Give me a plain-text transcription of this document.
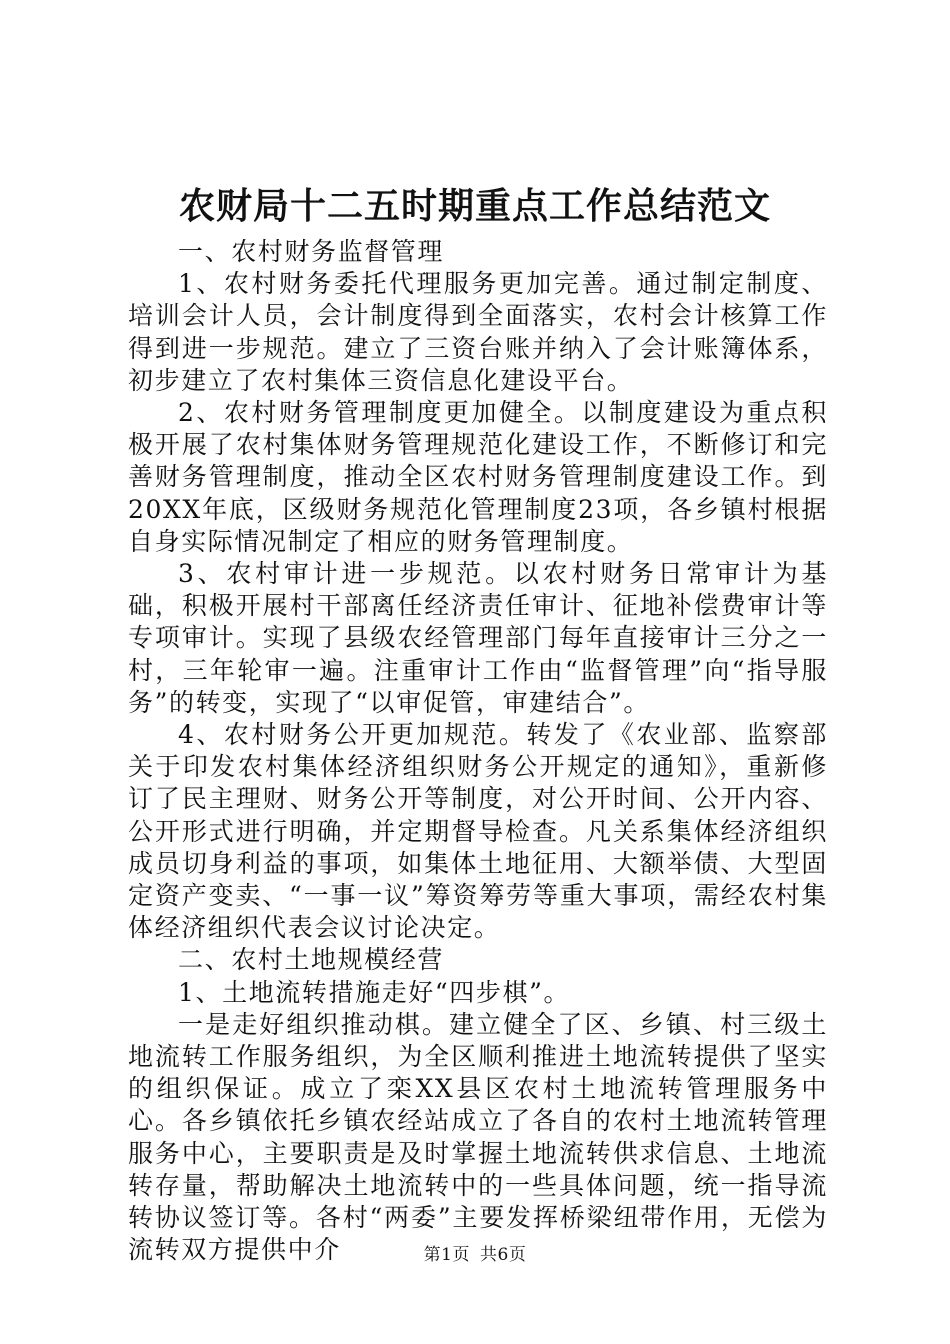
农财局十二五时期重点工作总结范文

一、农村财务监督管理

1、农村财务委托代理服务更加完善。通过制定制度、培训会计人员，会计制度得到全面落实，农村会计核算工作得到进一步规范。建立了三资台账并纳入了会计账簿体系，初步建立了农村集体三资信息化建设平台。

2、农村财务管理制度更加健全。以制度建设为重点积极开展了农村集体财务管理规范化建设工作，不断修订和完善财务管理制度，推动全区农村财务管理制度建设工作。到20XX年底，区级财务规范化管理制度23项，各乡镇村根据自身实际情况制定了相应的财务管理制度。

3、农村审计进一步规范。以农村财务日常审计为基础，积极开展村干部离任经济责任审计、征地补偿费审计等专项审计。实现了县级农经管理部门每年直接审计三分之一村，三年轮审一遍。注重审计工作由“监督管理”向“指导服务”的转变，实现了“以审促管，审建结合”。

4、农村财务公开更加规范。转发了《农业部、监察部关于印发农村集体经济组织财务公开规定的通知》，重新修订了民主理财、财务公开等制度，对公开时间、公开内容、公开形式进行明确，并定期督导检查。凡关系集体经济组织成员切身利益的事项，如集体土地征用、大额举债、大型固定资产变卖、“一事一议”筹资筹劳等重大事项，需经农村集体经济组织代表会议讨论决定。

二、农村土地规模经营

1、土地流转措施走好“四步棋”。

一是走好组织推动棋。建立健全了区、乡镇、村三级土地流转工作服务组织，为全区顺利推进土地流转提供了坚实的组织保证。成立了栾XX县区农村土地流转管理服务中心。各乡镇依托乡镇农经站成立了各自的农村土地流转管理服务中心，主要职责是及时掌握土地流转供求信息、土地流转存量，帮助解决土地流转中的一些具体问题，统一指导流转协议签订等。各村“两委”主要发挥桥梁纽带作用，无偿为流转双方提供中介	第1页 共6页
